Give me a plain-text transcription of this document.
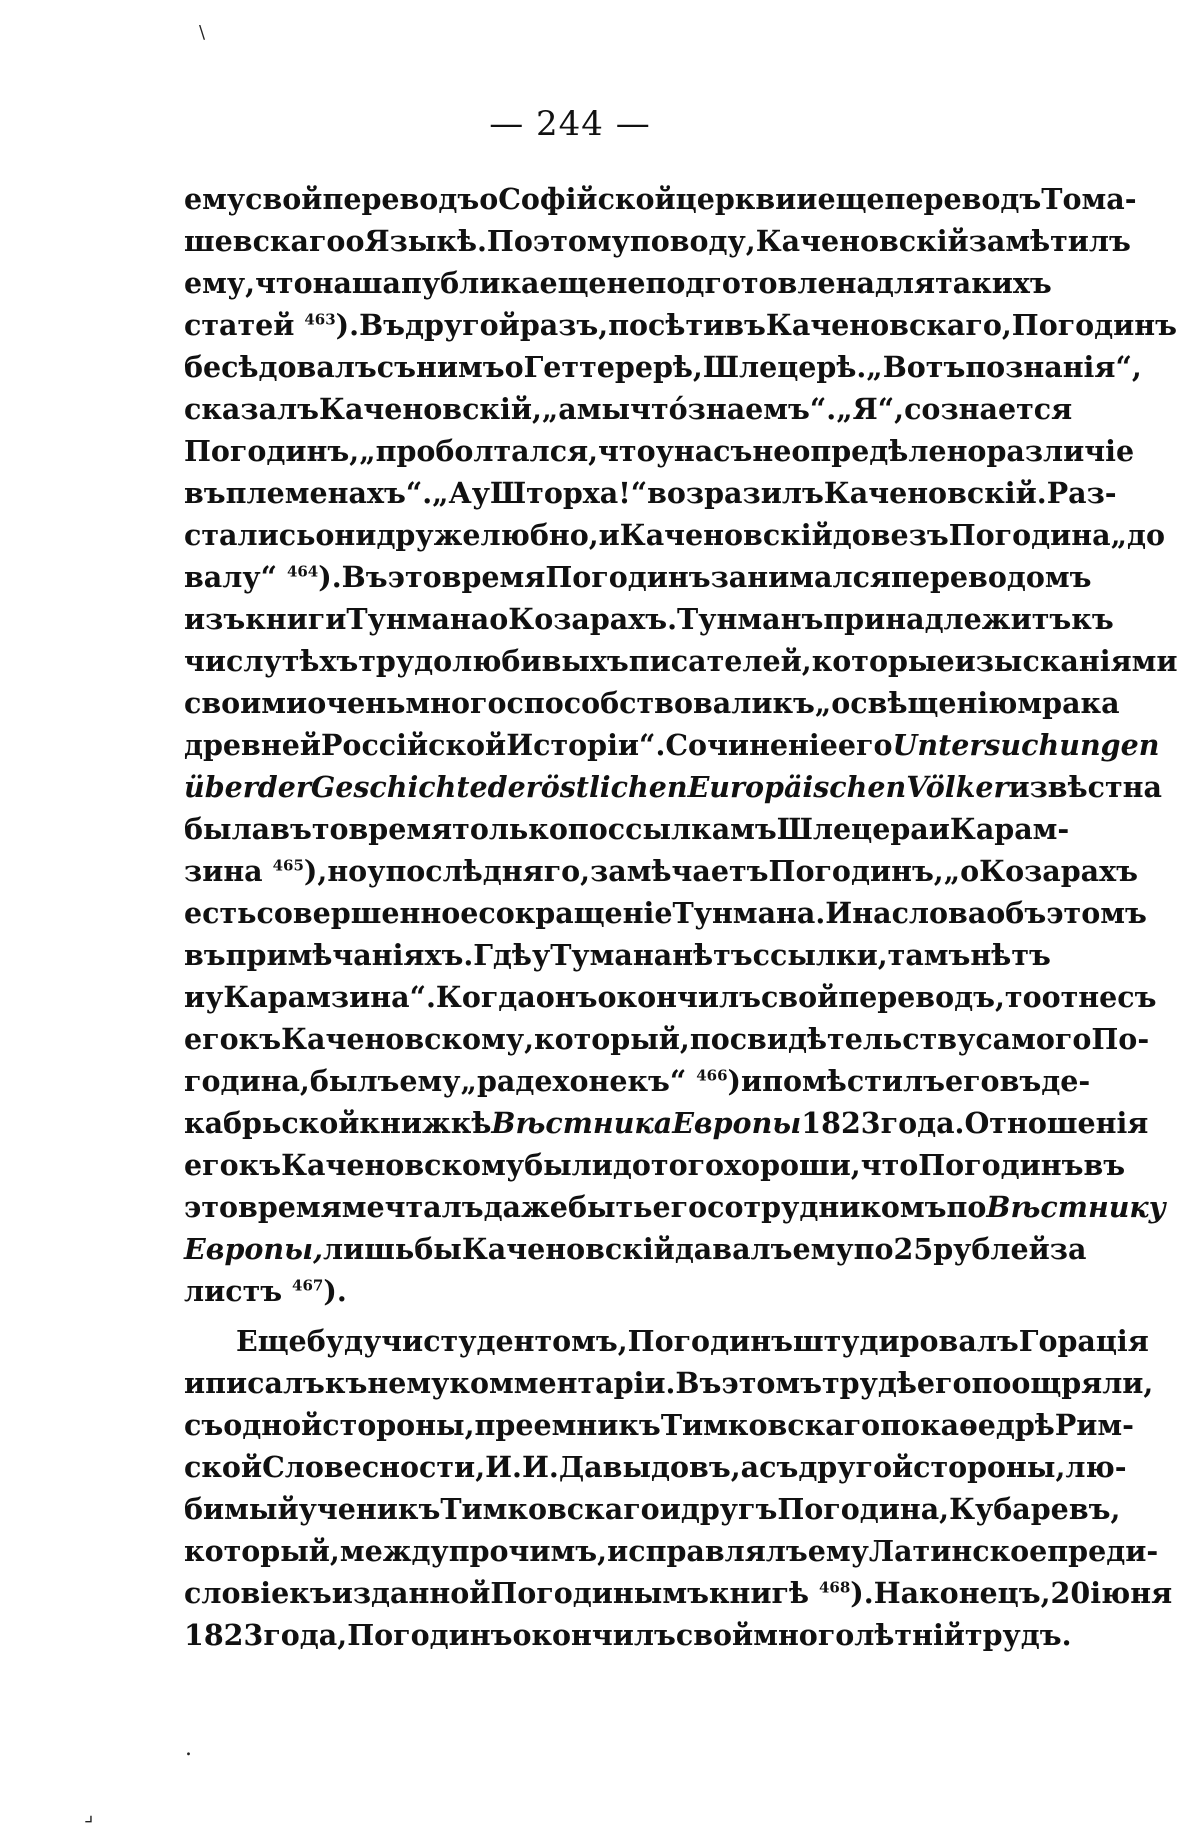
\
— 244 —
ему свой переводъ о Софійской церкви и еще переводъ Тома-
шевскаго о Языкѣ. По этому поводу, Каченовскій замѣтилъ
ему, что наша публика еще не подготовлена для такихъ
статей $^{463}$). Въ другой разъ, посѣтивъ Каченовскаго, Погодинъ
бесѣдовалъ съ нимъ о Геттерерѣ, Шлецерѣ. „Вотъ познанія“,
сказалъ Каченовскій, „а мы что́ знаемъ“. „Я“, сознается
Погодинъ, „проболтался, что у насъ не опредѣлено различіе
въ племенахъ“. „А у Шторха!“ возразилъ Каченовскій. Раз-
стались они дружелюбно, и Каченовскій довезъ Погодина „до
валу“ $^{464}$). Въ это время Погодинъ занимался переводомъ
изъ книги Тунмана о Козарахъ. Тунманъ принадлежитъ къ
числу тѣхъ трудолюбивыхъ писателей, которые изысканіями
своими очень много способствовали къ „освѣщенію мрака
древней Россійской Исторіи“. Сочиненіе его Untersuchungen
über der Geschichte der östlichen Europäischen Völker извѣстна
была въ то время только по ссылкамъ Шлецера и Карам-
зина $^{465}$), но у послѣдняго, замѣчаетъ Погодинъ, „о Козарахъ
есть совершенное сокращеніе Тунмана. И на слова объ этомъ
въ примѣчаніяхъ. Гдѣ у Тумана нѣтъ ссылки, тамъ нѣтъ
и у Карамзина“. Когда онъ окончилъ свой переводъ, то отнесъ
его къ Каченовскому, который, по свидѣтельству самого По-
година, былъ ему „радехонекъ“ $^{466}$) и помѣстилъ его въ де-
кабрьской книжкѣ Вѣстника Европы 1823 года. Отношенія
его къ Каченовскому были до того хороши, что Погодинъ въ
это время мечталъ даже быть его сотрудникомъ по Вѣстнику
Европы, лишь бы Каченовскій давалъ ему по 25 рублей за
листъ $^{467}$).
Еще будучи студентомъ, Погодинъ штудировалъ Горація
и писалъ къ нему комментаріи. Въ этомъ трудѣ его поощряли,
съ одной стороны, преемникъ Тимковскаго по каѳедрѣ Рим-
ской Словесности, И. И. Давыдовъ, а съ другой стороны, лю-
бимый ученикъ Тимковскаго и другъ Погодина, Кубаревъ,
который, между прочимъ, исправлялъ ему Латинское преди-
словіе къ изданной Погодинымъ книгѣ $^{468}$). Наконецъ, 20 іюня
1823 года, Погодинъ окончилъ свой многолѣтній трудъ.
.
⌟
